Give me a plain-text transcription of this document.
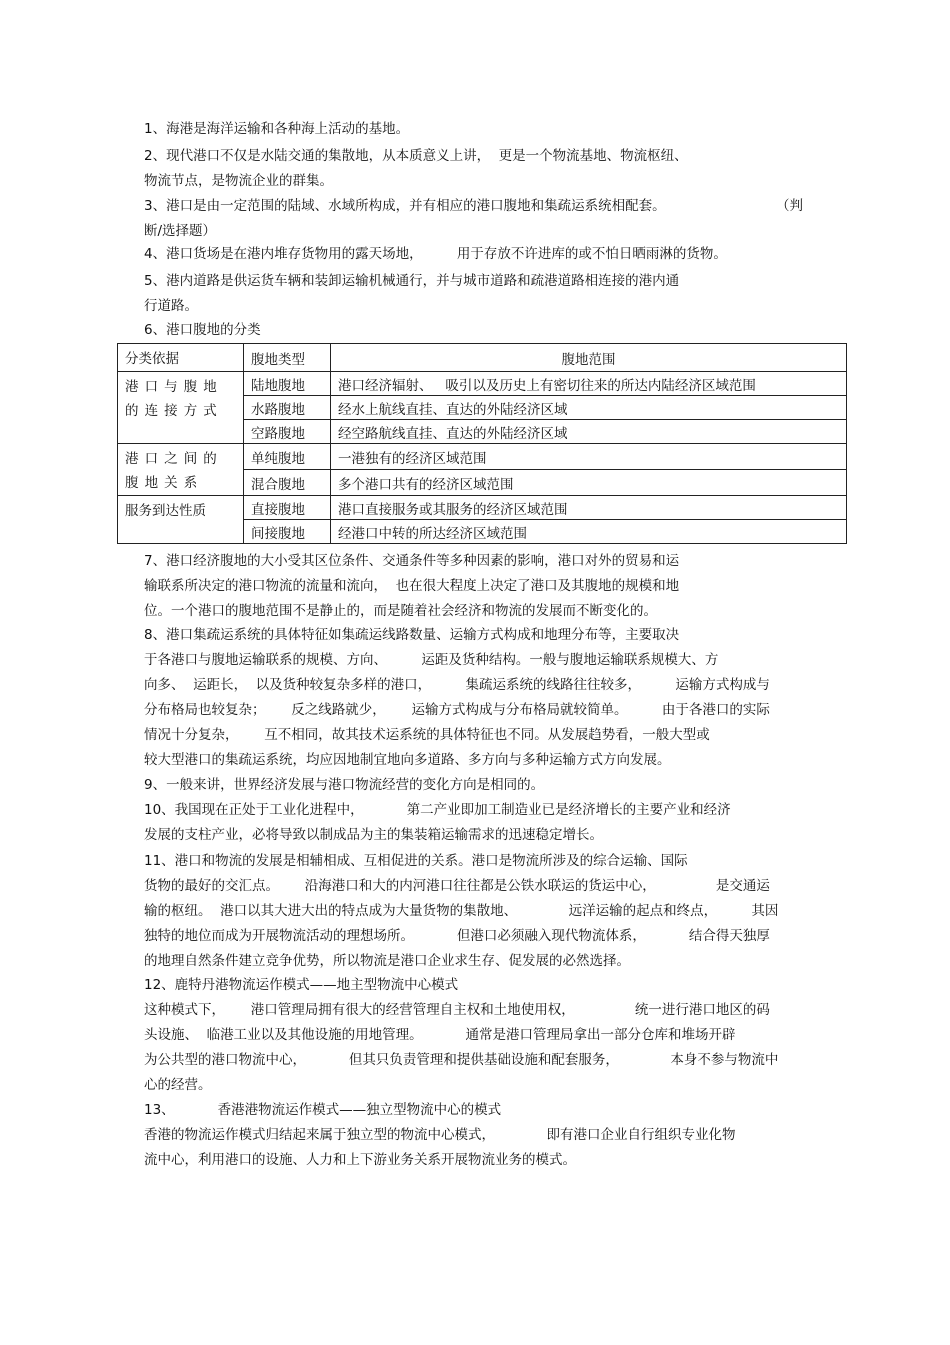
1、海港是海洋运输和各种海上活动的基地。

2、现代港口不仅是水陆交通的集散地，从本质意义上讲，  更是一个物流基地、物流枢纽、

物流节点，是物流企业的群集。

3、港口是由一定范围的陆域、水域所构成，并有相应的港口腹地和集疏运系统相配套。

断/选择题）

（判

4、港口货场是在港内堆存货物用的露天场地，        用于存放不许进库的或不怕日晒雨淋的货物。

5、港内道路是供运货车辆和装卸运输机械通行，并与城市道路和疏港道路相连接的港内通

行道路。

6、港口腹地的分类

7、港口经济腹地的大小受其区位条件、交通条件等多种因素的影响，港口对外的贸易和运

输联系所决定的港口物流的流量和流向，  也在很大程度上决定了港口及其腹地的规模和地

位。一个港口的腹地范围不是静止的，而是随着社会经济和物流的发展而不断变化的。

8、港口集疏运系统的具体特征如集疏运线路数量、运输方式构成和地理分布等，主要取决

于各港口与腹地运输联系的规模、方向、        运距及货种结构。一般与腹地运输联系规模大、方

向多、  运距长，  以及货种较复杂多样的港口，        集疏运系统的线路往往较多，        运输方式构成与

分布格局也较复杂；      反之线路就少，      运输方式构成与分布格局就较简单。        由于各港口的实际

情况十分复杂，      互不相同，故其技术运系统的具体特征也不同。从发展趋势看，一般大型或

较大型港口的集疏运系统，均应因地制宜地向多道路、多方向与多种运输方式方向发展。

9、一般来讲，世界经济发展与港口物流经营的变化方向是相同的。

10、我国现在正处于工业化进程中，          第二产业即加工制造业已是经济增长的主要产业和经济

发展的支柱产业，必将导致以制成品为主的集装箱运输需求的迅速稳定增长。

11、港口和物流的发展是相辅相成、互相促进的关系。港口是物流所涉及的综合运输、国际

货物的最好的交汇点。      沿海港口和大的内河港口往往都是公铁水联运的货运中心，              是交通运

输的枢纽。  港口以其大进大出的特点成为大量货物的集散地、            远洋运输的起点和终点，        其因

独特的地位而成为开展物流活动的理想场所。          但港口必须融入现代物流体系，          结合得天独厚

的地理自然条件建立竞争优势，所以物流是港口企业求生存、促发展的必然选择。

12、鹿特丹港物流运作模式——地主型物流中心模式

这种模式下，      港口管理局拥有很大的经营管理自主权和土地使用权，              统一进行港口地区的码

头设施、  临港工业以及其他设施的用地管理。          通常是港口管理局拿出一部分仓库和堆场开辟

为公共型的港口物流中心，          但其只负责管理和提供基础设施和配套服务，            本身不参与物流中

心的经营。

13、          香港港物流运作模式——独立型物流中心的模式

香港的物流运作模式归结起来属于独立型的物流中心模式，            即有港口企业自行组织专业化物

流中心，利用港口的设施、人力和上下游业务关系开展物流业务的模式。

分类依据	腹地类型	腹地范围
港口与腹地的连接方式	陆地腹地	港口经济辐射、   吸引以及历史上有密切往来的所达内陆经济区域范围
	水路腹地	经水上航线直挂、直达的外陆经济区域
	空路腹地	经空路航线直挂、直达的外陆经济区域
港口之间的腹地关系	单纯腹地	一港独有的经济区域范围
	混合腹地	多个港口共有的经济区域范围
服务到达性质	直接腹地	港口直接服务或其服务的经济区域范围
	间接腹地	经港口中转的所达经济区域范围
